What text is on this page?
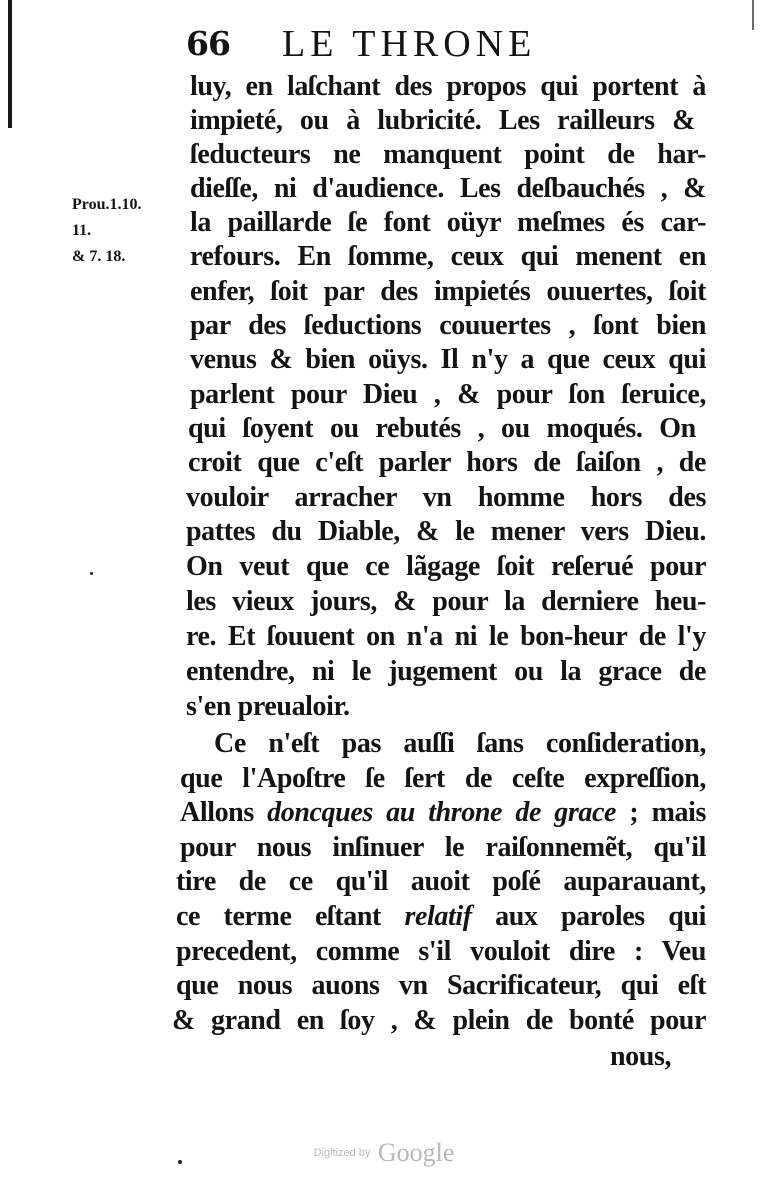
66 LE THRONE
Prou.1.10.
11.
& 7. 18.
luy, en laſchant des propos qui portent à
impieté, ou à lubricité. Les railleurs &
ſeducteurs ne manquent point de har-
dieſſe, ni d'audience. Les deſbauchés , &
la paillarde ſe font oüyr meſmes és car-
refours. En ſomme, ceux qui menent en
enfer, ſoit par des impietés ouuertes, ſoit
par des ſeductions couuertes , ſont bien
venus & bien oüys. Il n'y a que ceux qui
parlent pour Dieu , & pour ſon ſeruice,
qui ſoyent ou rebutés , ou moqués. On
croit que c'eſt parler hors de ſaiſon , de
vouloir arracher vn homme hors des
pattes du Diable, & le mener vers Dieu.
On veut que ce lãgage ſoit reſerué pour
les vieux jours, & pour la derniere heu-
re. Et ſouuent on n'a ni le bon-heur de l'y
entendre, ni le jugement ou la grace de
s'en preualoir.
Ce n'eſt pas auſſi ſans conſideration,
que l'Apoſtre ſe ſert de ceſte expreſſion,
Allons doncques au throne de grace ; mais
pour nous inſinuer le raiſonnemẽt, qu'il
tire de ce qu'il auoit poſé auparauant,
ce terme eſtant relatif aux paroles qui
precedent, comme s'il vouloit dire : Veu
que nous auons vn Sacrificateur, qui eſt
& grand en ſoy , & plein de bonté pour
nous,
Digitized by Google
